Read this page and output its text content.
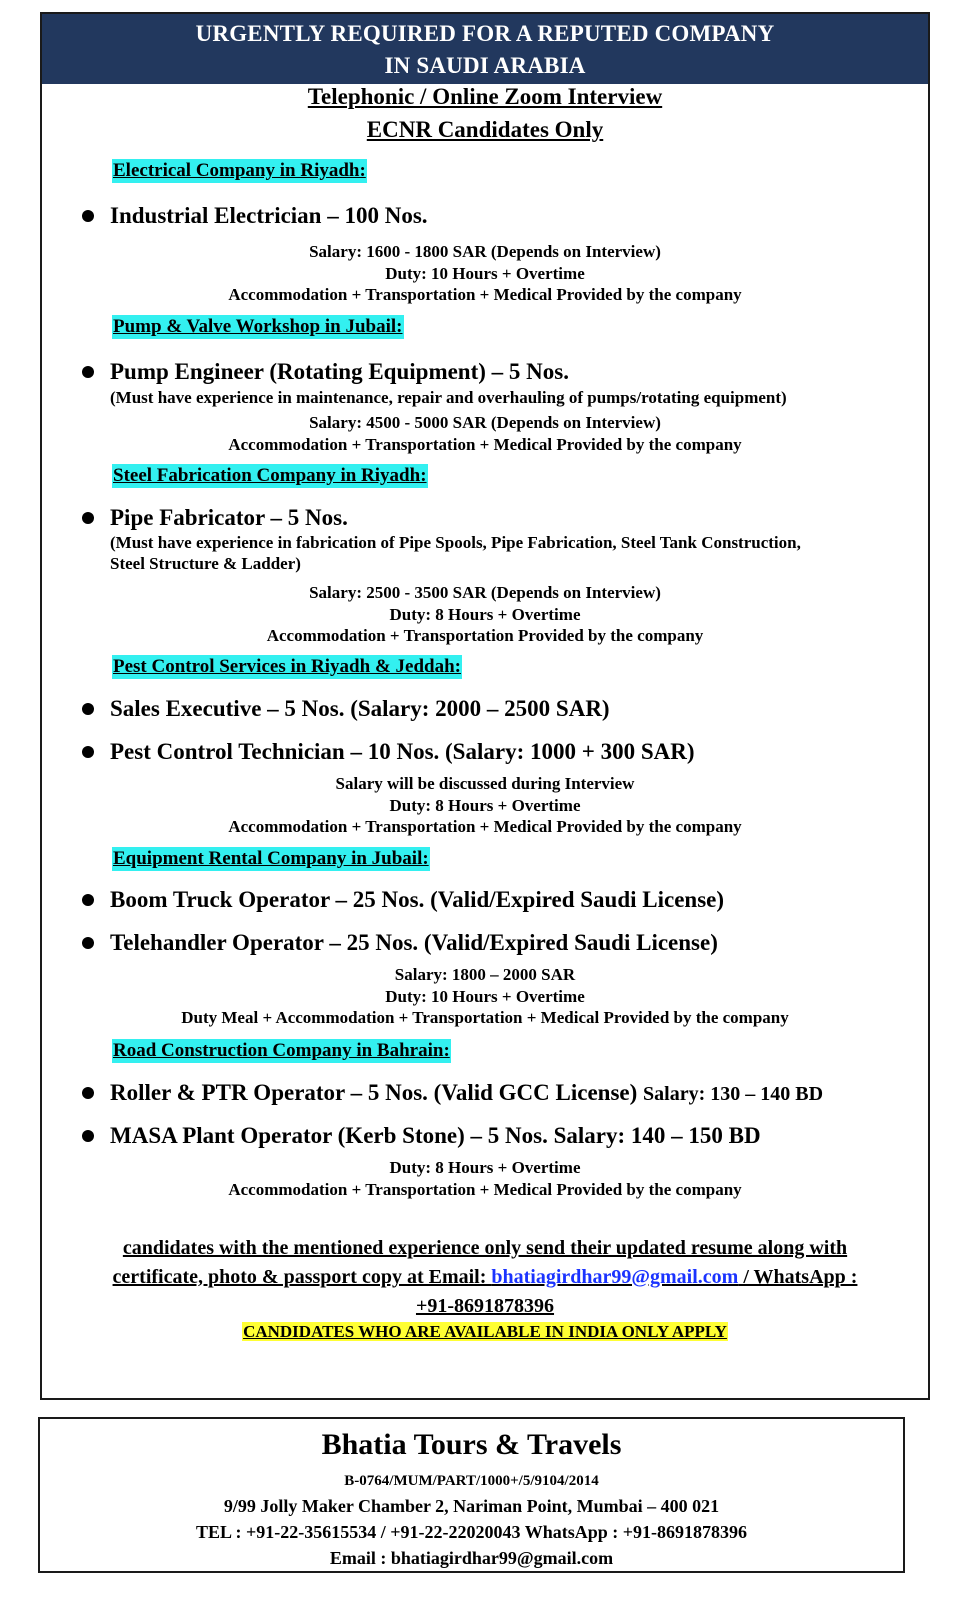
URGENTLY REQUIRED FOR A REPUTED COMPANY
IN SAUDI ARABIA
Telephonic / Online Zoom Interview
ECNR Candidates Only
Electrical Company in Riyadh:
Industrial Electrician – 100 Nos.
Salary: 1600 - 1800 SAR (Depends on Interview)
Duty: 10 Hours + Overtime
Accommodation + Transportation + Medical Provided by the company
Pump & Valve Workshop in Jubail:
Pump Engineer (Rotating Equipment) – 5 Nos.
(Must have experience in maintenance, repair and overhauling of pumps/rotating equipment)
Salary: 4500 - 5000 SAR (Depends on Interview)
Accommodation + Transportation + Medical Provided by the company
Steel Fabrication Company in Riyadh:
Pipe Fabricator – 5 Nos.
(Must have experience in fabrication of Pipe Spools, Pipe Fabrication, Steel Tank Construction,
Steel Structure & Ladder)
Salary: 2500 - 3500 SAR (Depends on Interview)
Duty: 8 Hours + Overtime
Accommodation + Transportation Provided by the company
Pest Control Services in Riyadh & Jeddah:
Sales Executive – 5 Nos. (Salary: 2000 – 2500 SAR)
Pest Control Technician – 10 Nos. (Salary: 1000 + 300 SAR)
Salary will be discussed during Interview
Duty: 8 Hours + Overtime
Accommodation + Transportation + Medical Provided by the company
Equipment Rental Company in Jubail:
Boom Truck Operator – 25 Nos. (Valid/Expired Saudi License)
Telehandler Operator – 25 Nos. (Valid/Expired Saudi License)
Salary: 1800 – 2000 SAR
Duty: 10 Hours + Overtime
Duty Meal + Accommodation + Transportation + Medical Provided by the company
Road Construction Company in Bahrain:
Roller & PTR Operator – 5 Nos. (Valid GCC License) Salary: 130 – 140 BD
MASA Plant Operator (Kerb Stone) – 5 Nos. Salary: 140 – 150 BD
Duty: 8 Hours + Overtime
Accommodation + Transportation + Medical Provided by the company
candidates with the mentioned experience only send their updated resume along with
certificate, photo & passport copy at Email: bhatiagirdhar99@gmail.com / WhatsApp :
+91-8691878396
CANDIDATES WHO ARE AVAILABLE IN INDIA ONLY APPLY
Bhatia Tours & Travels
B-0764/MUM/PART/1000+/5/9104/2014
9/99 Jolly Maker Chamber 2, Nariman Point, Mumbai – 400 021
TEL : +91-22-35615534 / +91-22-22020043 WhatsApp : +91-8691878396
Email : bhatiagirdhar99@gmail.com
